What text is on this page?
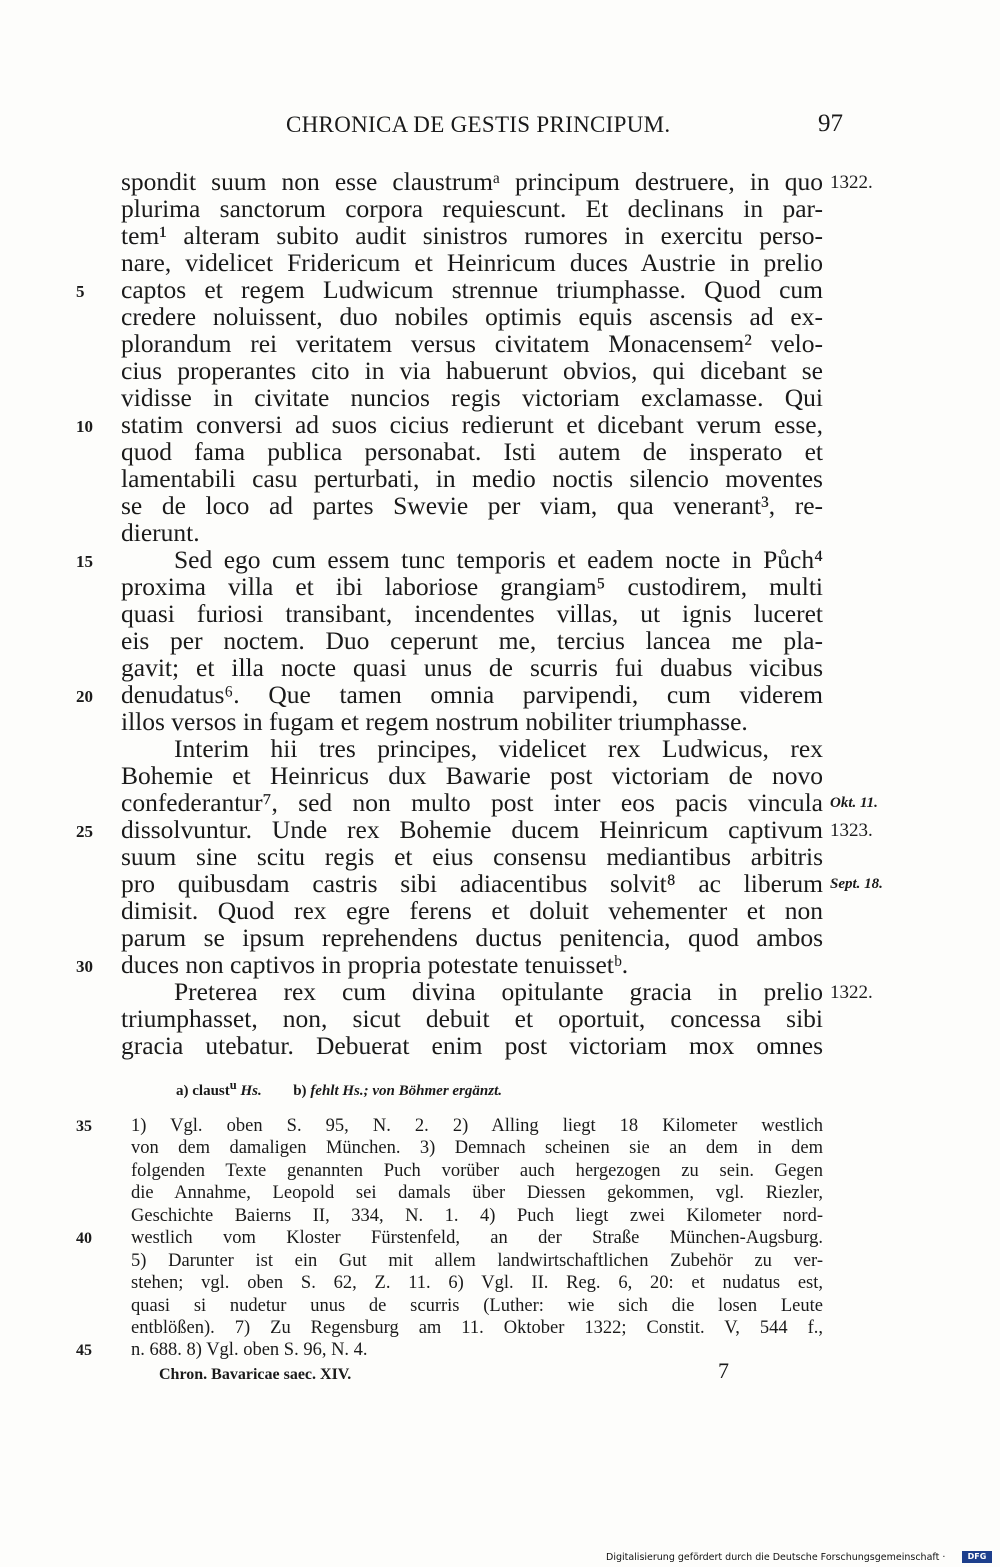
CHRONICA DE GESTIS PRINCIPUM.	97
spondit suum non esse claustrumᵃ principum destruere, in quo
plurima sanctorum corpora requiescunt. Et declinans in par-
tem¹ alteram subito audit sinistros rumores in exercitu perso-
nare, videlicet Fridericum et Heinricum duces Austrie in prelio
captos et regem Ludwicum strennue triumphasse. Quod cum
credere noluissent, duo nobiles optimis equis ascensis ad ex-
plorandum rei veritatem versus civitatem Monacensem² velo-
cius properantes cito in via habuerunt obvios, qui dicebant se
vidisse in civitate nuncios regis victoriam exclamasse. Qui
statim conversi ad suos cicius redierunt et dicebant verum esse,
quod fama publica personabat. Isti autem de insperato et
lamentabili casu perturbati, in medio noctis silencio moventes
se de loco ad partes Swevie per viam, qua venerant³, re-
dierunt.
Sed ego cum essem tunc temporis et eadem nocte in Půch⁴
proxima villa et ibi laboriose grangiam⁵ custodirem, multi
quasi furiosi transibant, incendentes villas, ut ignis luceret
eis per noctem. Duo ceperunt me, tercius lancea me pla-
gavit; et illa nocte quasi unus de scurris fui duabus vicibus
denudatus⁶. Que tamen omnia parvipendi, cum viderem
illos versos in fugam et regem nostrum nobiliter triumphasse.
Interim hii tres principes, videlicet rex Ludwicus, rex
Bohemie et Heinricus dux Bawarie post victoriam de novo
confederantur⁷, sed non multo post inter eos pacis vincula
dissolvuntur. Unde rex Bohemie ducem Heinricum captivum
suum sine scitu regis et eius consensu mediantibus arbitris
pro quibusdam castris sibi adiacentibus solvit⁸ ac liberum
dimisit. Quod rex egre ferens et doluit vehementer et non
parum se ipsum reprehendens ductus penitencia, quod ambos
duces non captivos in propria potestate tenuissetᵇ.
Preterea rex cum divina opitulante gracia in prelio
triumphasset, non, sicut debuit et oportuit, concessa sibi
gracia utebatur. Debuerat enim post victoriam mox omnes
5
10
15
20
25
30
1322.
Okt. 11.
1323.
Sept. 18.
1322.
a) claust$^u$ Hs. b) fehlt Hs.; von Böhmer ergänzt.
1) Vgl. oben S. 95, N. 2. 2) Alling liegt 18 Kilometer westlich
von dem damaligen München. 3) Demnach scheinen sie an dem in dem
folgenden Texte genannten Puch vorüber auch hergezogen zu sein. Gegen
die Annahme, Leopold sei damals über Diessen gekommen, vgl. Riezler,
Geschichte Baierns II, 334, N. 1. 4) Puch liegt zwei Kilometer nord-
westlich vom Kloster Fürstenfeld, an der Straße München-Augsburg.
5) Darunter ist ein Gut mit allem landwirtschaftlichen Zubehör zu ver-
stehen; vgl. oben S. 62, Z. 11. 6) Vgl. II. Reg. 6, 20: et nudatus est,
quasi si nudetur unus de scurris (Luther: wie sich die losen Leute
entblößen). 7) Zu Regensburg am 11. Oktober 1322; Constit. V, 544 f.,
n. 688. 8) Vgl. oben S. 96, N. 4.
35
40
45
Chron. Bavaricae saec. XIV.	7
Digitalisierung gefördert durch die Deutsche Forschungsgemeinschaft ·	DFG
